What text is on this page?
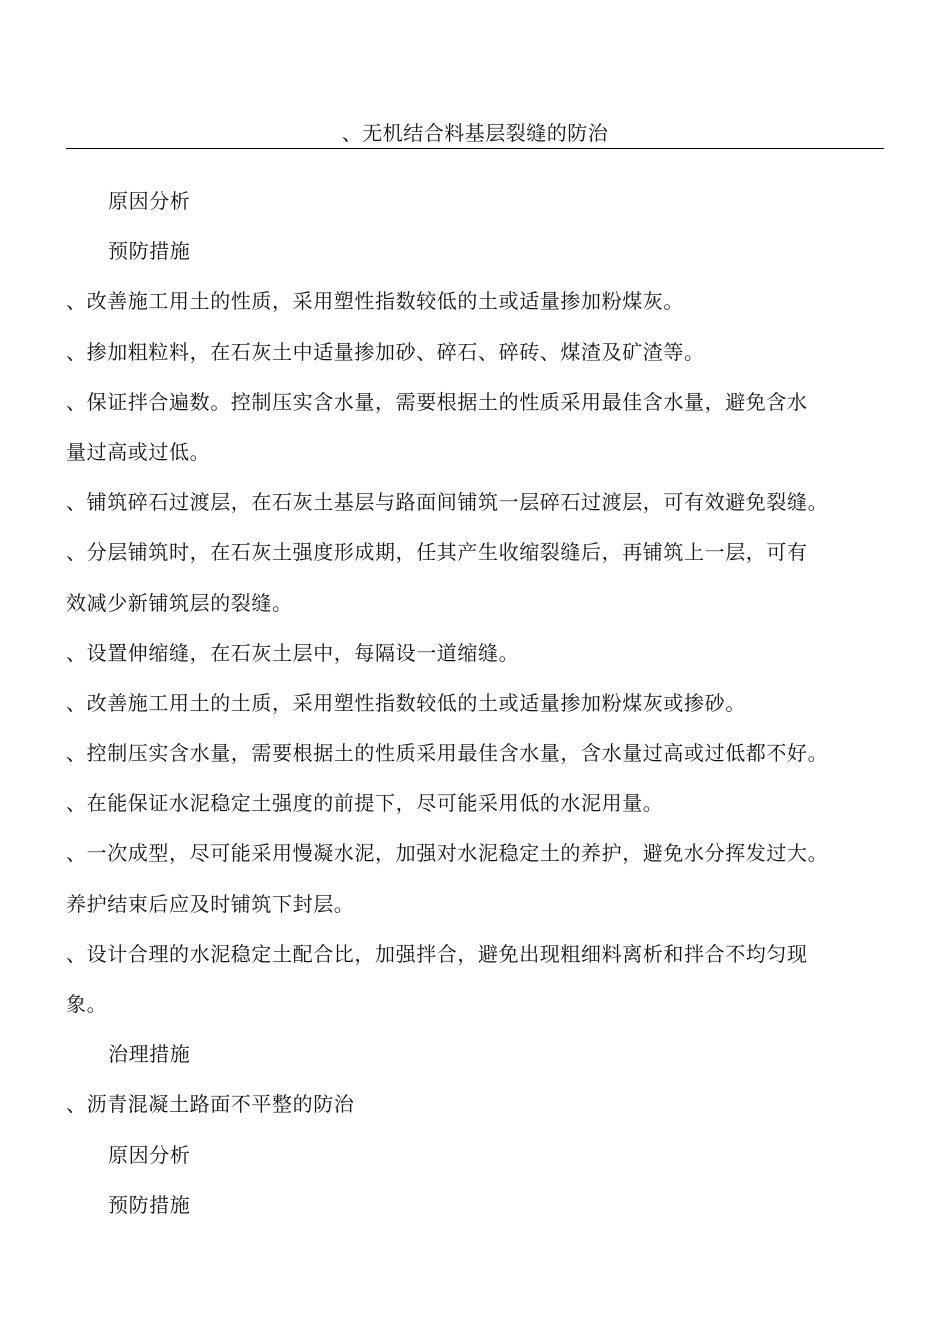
、无机结合料基层裂缝的防治
原因分析
预防措施
、改善施工用土的性质，采用塑性指数较低的土或适量掺加粉煤灰。
、掺加粗粒料，在石灰土中适量掺加砂、碎石、碎砖、煤渣及矿渣等。
、保证拌合遍数。控制压实含水量，需要根据土的性质采用最佳含水量，避免含水
量过高或过低。
、铺筑碎石过渡层，在石灰土基层与路面间铺筑一层碎石过渡层，可有效避免裂缝。
、分层铺筑时，在石灰土强度形成期，任其产生收缩裂缝后，再铺筑上一层，可有
效减少新铺筑层的裂缝。
、设置伸缩缝，在石灰土层中，每隔设一道缩缝。
、改善施工用土的土质，采用塑性指数较低的土或适量掺加粉煤灰或掺砂。
、控制压实含水量，需要根据土的性质采用最佳含水量，含水量过高或过低都不好。
、在能保证水泥稳定土强度的前提下，尽可能采用低的水泥用量。
、一次成型，尽可能采用慢凝水泥，加强对水泥稳定土的养护，避免水分挥发过大。
养护结束后应及时铺筑下封层。
、设计合理的水泥稳定土配合比，加强拌合，避免出现粗细料离析和拌合不均匀现
象。
治理措施
、沥青混凝土路面不平整的防治
原因分析
预防措施
